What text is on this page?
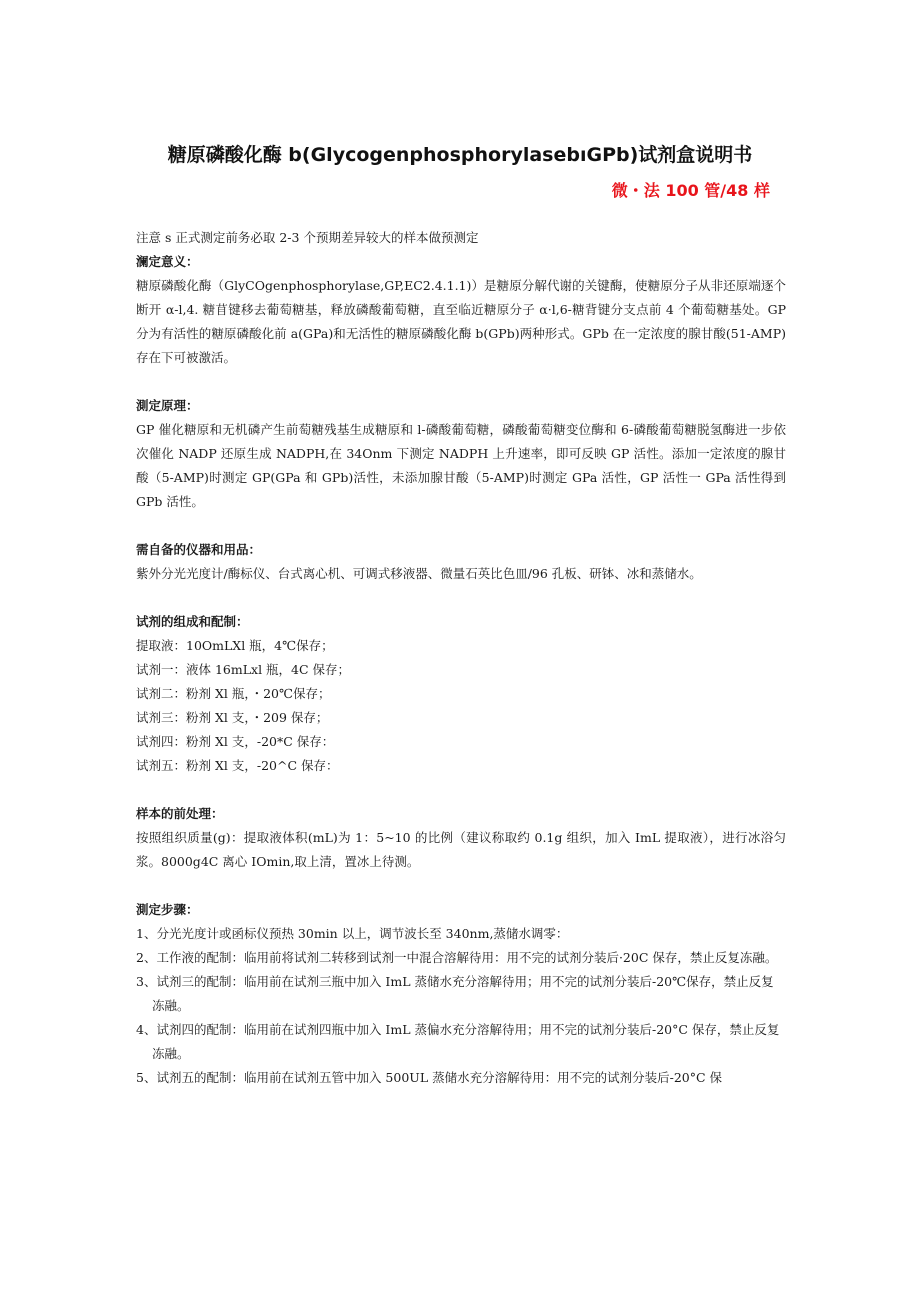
糖原磷酸化酶 b(GlycogenphosphorylasebıGPb)试剂盒说明书
微・法 100 管/48 样

注意 s 正式测定前务必取 2-3 个预期差异较大的样本做预测定

澜定意义：

糖原磷酸化酶（GlyCOgenphosphorylase,GP,EC2.4.1.1)）是糖原分解代谢的关键酶，使糖原分子从非还原端逐个断开 α-l,4. 糖苜键移去葡萄糖基，释放磷酸葡萄糖，直至临近糖原分子 α·l,6-糖背键分支点前 4 个葡萄糖基处。GP 分为有活性的糖原磷酸化前 a(GPa)和无活性的糖原磷酸化酶 b(GPb)两种形式。GPb 在一定浓度的腺甘酸(51-AMP)存在下可被激活。

測定原理：

GP 催化糖原和无机磷产生前萄糖残基生成糖原和 l-磷酸葡萄糖，磷酸葡萄糖变位酶和 6-磷酸葡萄糖脱氢酶进一步依次催化 NADP 还原生成 NADPH,在 34Onm 下测定 NADPH 上升速率，即可反映 GP 活性。添加一定浓度的腺甘酸（5-AMP)时测定 GP(GPa 和 GPb)活性，未添加腺甘酸（5-AMP)时测定 GPa 活性，GP 活性一 GPa 活性得到 GPb 活性。

需自备的仪器和用品：

紫外分光光度计/酶标仪、台式离心机、可调式移液器、微量石英比色皿/96 孔板、研钵、冰和蒸储水。

试剂的组成和配制：

提取液：10OmLXl 瓶，4℃保存；

试剂一：液体 16mLxl 瓶，4C 保存；

试剂二：粉剂 Xl 瓶，・20℃保存；

试剂三：粉剂 Xl 支，・209 保存；

试剂四：粉剂 Xl 支，-20*C 保存：

试剂五：粉剂 Xl 支，-20^C 保存：

样本的前处理：

按照组织质量(g)：提取液体积(mL)为 1：5~10 的比例（建议称取约 0.1g 组织，加入 ImL 提取液），进行冰浴匀浆。8000g4C 离心 IOmin,取上清，置冰上待测。

測定步骤：

1、分光光度计或函标仪预热 30min 以上，调节波长至 340nm,蒸储水调零：

2、工作液的配制：临用前将试剂二转移到试剂一中混合溶解待用：用不完的试剂分装后·20C 保存，禁止反复冻融。

3、试剂三的配制：临用前在试剂三瓶中加入 ImL 蒸储水充分溶解待用；用不完的试剂分装后-20℃保存，禁止反复冻融。

4、试剂四的配制：临用前在试剂四瓶中加入 ImL 蒸偏水充分溶解待用；用不完的试剂分装后-20°C 保存，禁止反复冻融。

5、试剂五的配制：临用前在试剂五管中加入 500UL 蒸储水充分溶解待用：用不完的试剂分装后-20°C 保
